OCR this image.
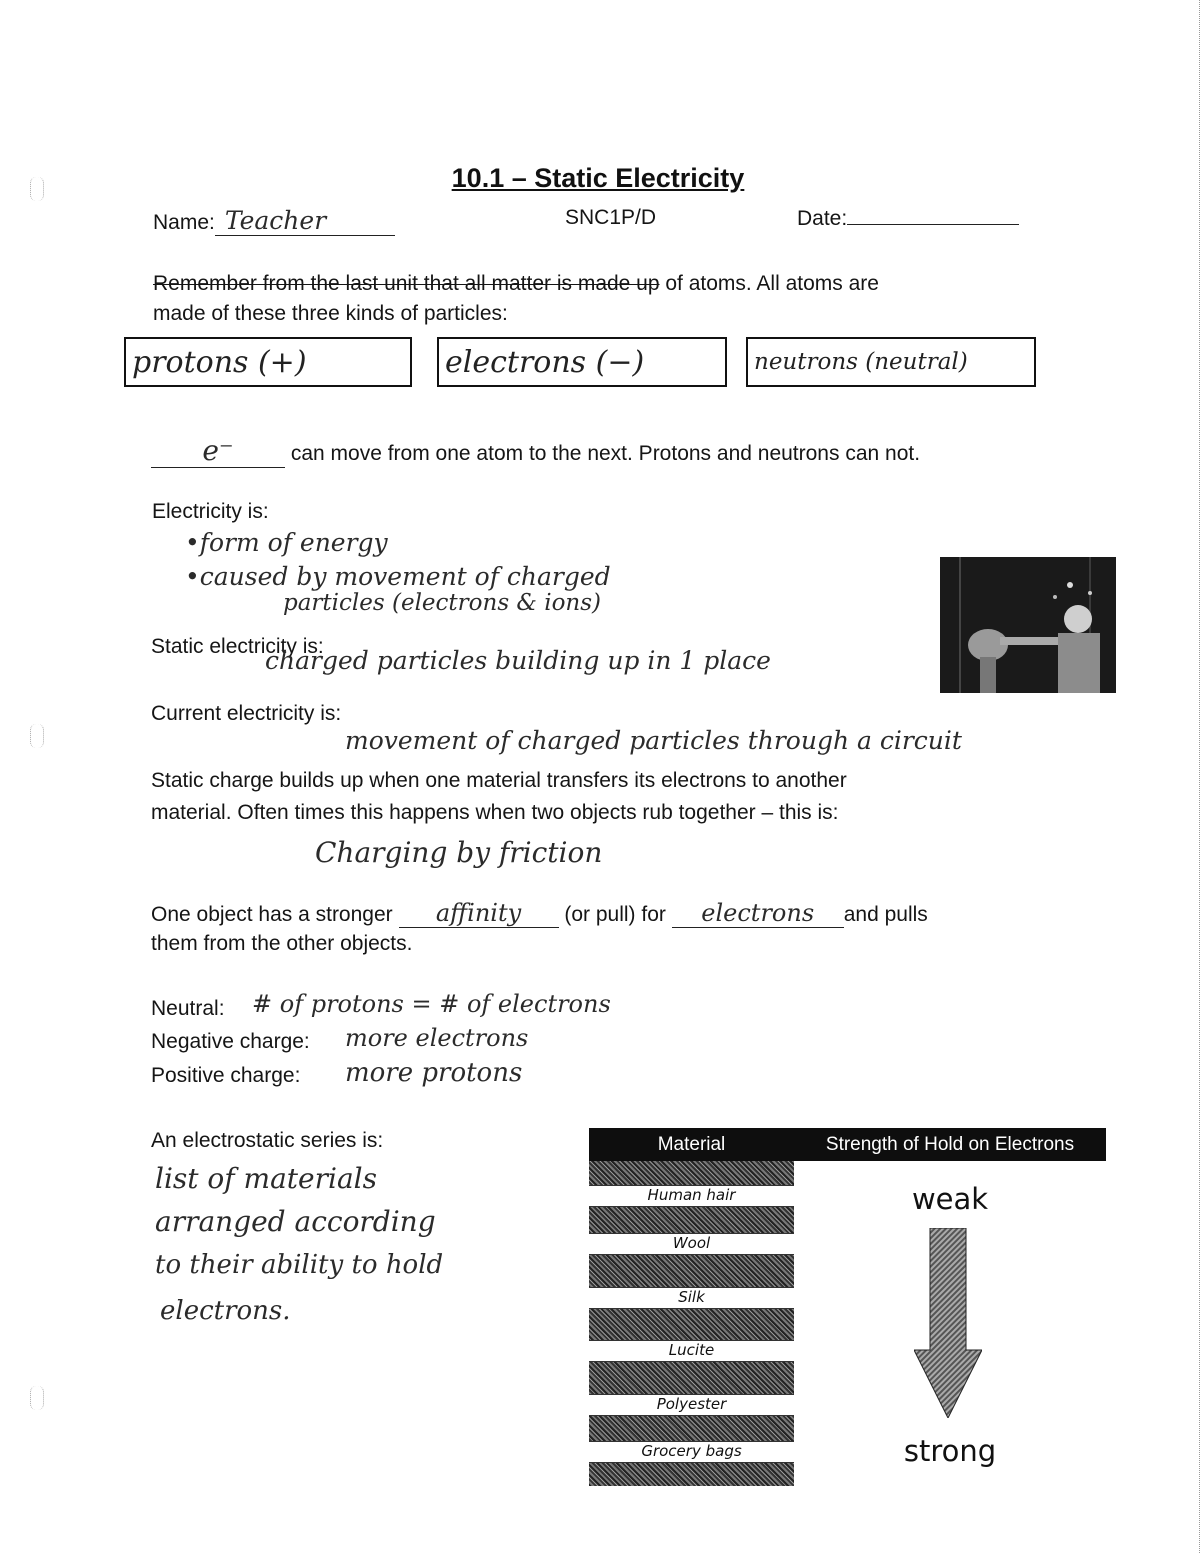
10.1 – Static Electricity
Name: Teacher	SNC1P/D	Date:
Remember from the last unit that all matter is made up of atoms. All atoms are
made of these three kinds of particles:
protons (+)	electrons (−)	neutrons (neutral)
e⁻	can move from one atom to the next. Protons and neutrons can not.
Electricity is:
•form of energy
•caused by movement of charged
particles (electrons & ions)
Static electricity is:
charged particles building up in 1 place
Current electricity is:
movement of charged particles through a circuit
Static charge builds up when one material transfers its electrons to another
material. Often times this happens when two objects rub together – this is:
Charging by friction
One object has a stronger affinity (or pull) for electrons and pulls
them from the other objects.
Neutral: # of protons = # of electrons
Negative charge: more electrons
Positive charge: more protons
An electrostatic series is:
list of materials
arranged according
to their ability to hold
electrons.
Material	Strength of Hold on Electrons
Human hair
Wool
Silk
Lucite
Polyester
Grocery bags
weak
strong
